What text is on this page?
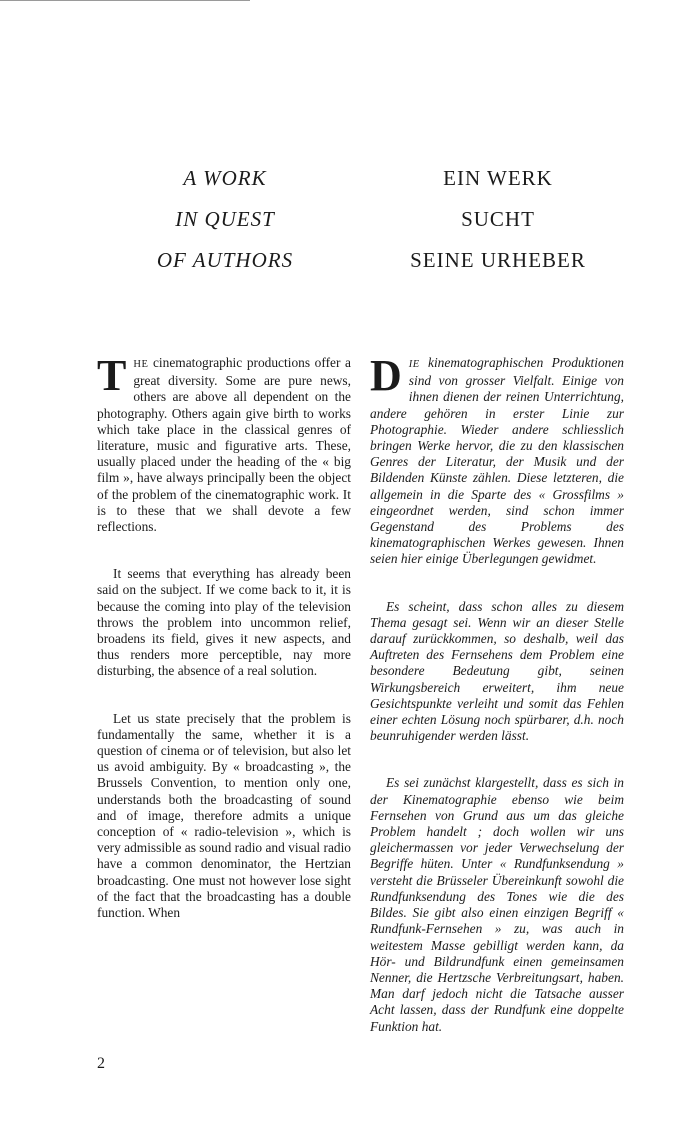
A WORK
IN QUEST
OF AUTHORS
EIN WERK
SUCHT
SEINE URHEBER

THE cinematographic productions offer a great diversity. Some are pure news, others are above all dependent on the photography. Others again give birth to works which take place in the classical genres of literature, music and figurative arts. These, usually placed under the heading of the « big film », have always principally been the object of the problem of the cinematographic work. It is to these that we shall devote a few reflections.

It seems that everything has already been said on the subject. If we come back to it, it is because the coming into play of the television throws the problem into uncommon relief, broadens its field, gives it new aspects, and thus renders more perceptible, nay more disturbing, the absence of a real solution.

Let us state precisely that the problem is fundamentally the same, whether it is a question of cinema or of television, but also let us avoid ambiguity. By « broadcasting », the Brussels Convention, to mention only one, understands both the broadcasting of sound and of image, therefore admits a unique conception of « radio-television », which is very admissible as sound radio and visual radio have a common denominator, the Hertzian broadcasting. One must not however lose sight of the fact that the broadcasting has a double function. When

DIE kinematographischen Produktionen sind von grosser Vielfalt. Einige von ihnen dienen der reinen Unterrichtung, andere gehören in erster Linie zur Photographie. Wieder andere schliesslich bringen Werke hervor, die zu den klassischen Genres der Literatur, der Musik und der Bildenden Künste zählen. Diese letzteren, die allgemein in die Sparte des « Grossfilms » eingeordnet werden, sind schon immer Gegenstand des Problems des kinematographischen Werkes gewesen. Ihnen seien hier einige Überlegungen gewidmet.

Es scheint, dass schon alles zu diesem Thema gesagt sei. Wenn wir an dieser Stelle darauf zurückkommen, so deshalb, weil das Auftreten des Fernsehens dem Problem eine besondere Bedeutung gibt, seinen Wirkungsbereich erweitert, ihm neue Gesichtspunkte verleiht und somit das Fehlen einer echten Lösung noch spürbarer, d.h. noch beunruhigender werden lässt.

Es sei zunächst klargestellt, dass es sich in der Kinematographie ebenso wie beim Fernsehen von Grund aus um das gleiche Problem handelt ; doch wollen wir uns gleichermassen vor jeder Verwechselung der Begriffe hüten. Unter « Rundfunksendung » versteht die Brüsseler Übereinkunft sowohl die Rundfunksendung des Tones wie die des Bildes. Sie gibt also einen einzigen Begriff « Rundfunk-Fernsehen » zu, was auch in weitestem Masse gebilligt werden kann, da Hör- und Bildrundfunk einen gemeinsamen Nenner, die Hertzsche Verbreitungsart, haben. Man darf jedoch nicht die Tatsache ausser Acht lassen, dass der Rundfunk eine doppelte Funktion hat.

2
